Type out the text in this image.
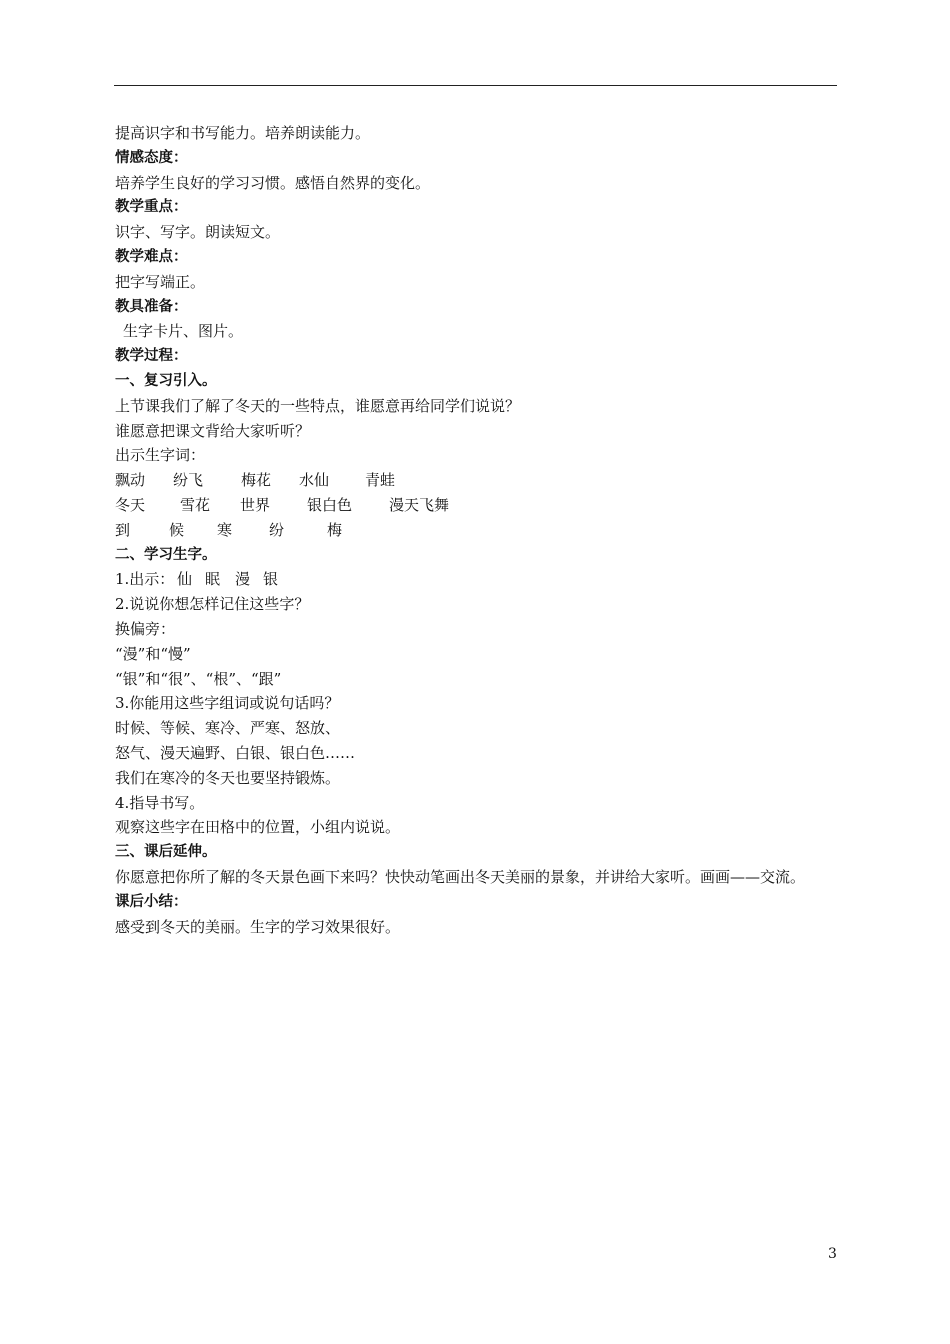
提高识字和书写能力。培养朗读能力。
情感态度：
培养学生良好的学习习惯。感悟自然界的变化。
教学重点：
识字、写字。朗读短文。
教学难点：
把字写端正。
教具准备：
生字卡片、图片。
教学过程：
一、复习引入。
上节课我们了解了冬天的一些特点，谁愿意再给同学们说说？
谁愿意把课文背给大家听听？
出示生字词：
飘动 纷飞	梅花 水仙 青蛙
冬天 雪花 世界 银白色 漫天飞舞
到	候 寒 纷	梅
二、学习生字。
1.出示： 仙 眠 漫 银
2.说说你想怎样记住这些字？
换偏旁：
“漫”和“慢”
“银”和“很”、“根”、“跟”
3.你能用这些字组词或说句话吗？
时候、等候、寒冷、严寒、怒放、
怒气、漫天遍野、白银、银白色……
我们在寒冷的冬天也要坚持锻炼。
4.指导书写。
观察这些字在田格中的位置，小组内说说。
三、课后延伸。
你愿意把你所了解的冬天景色画下来吗？快快动笔画出冬天美丽的景象，并讲给大家听。画画——交流。
课后小结：
感受到冬天的美丽。生字的学习效果很好。
3
